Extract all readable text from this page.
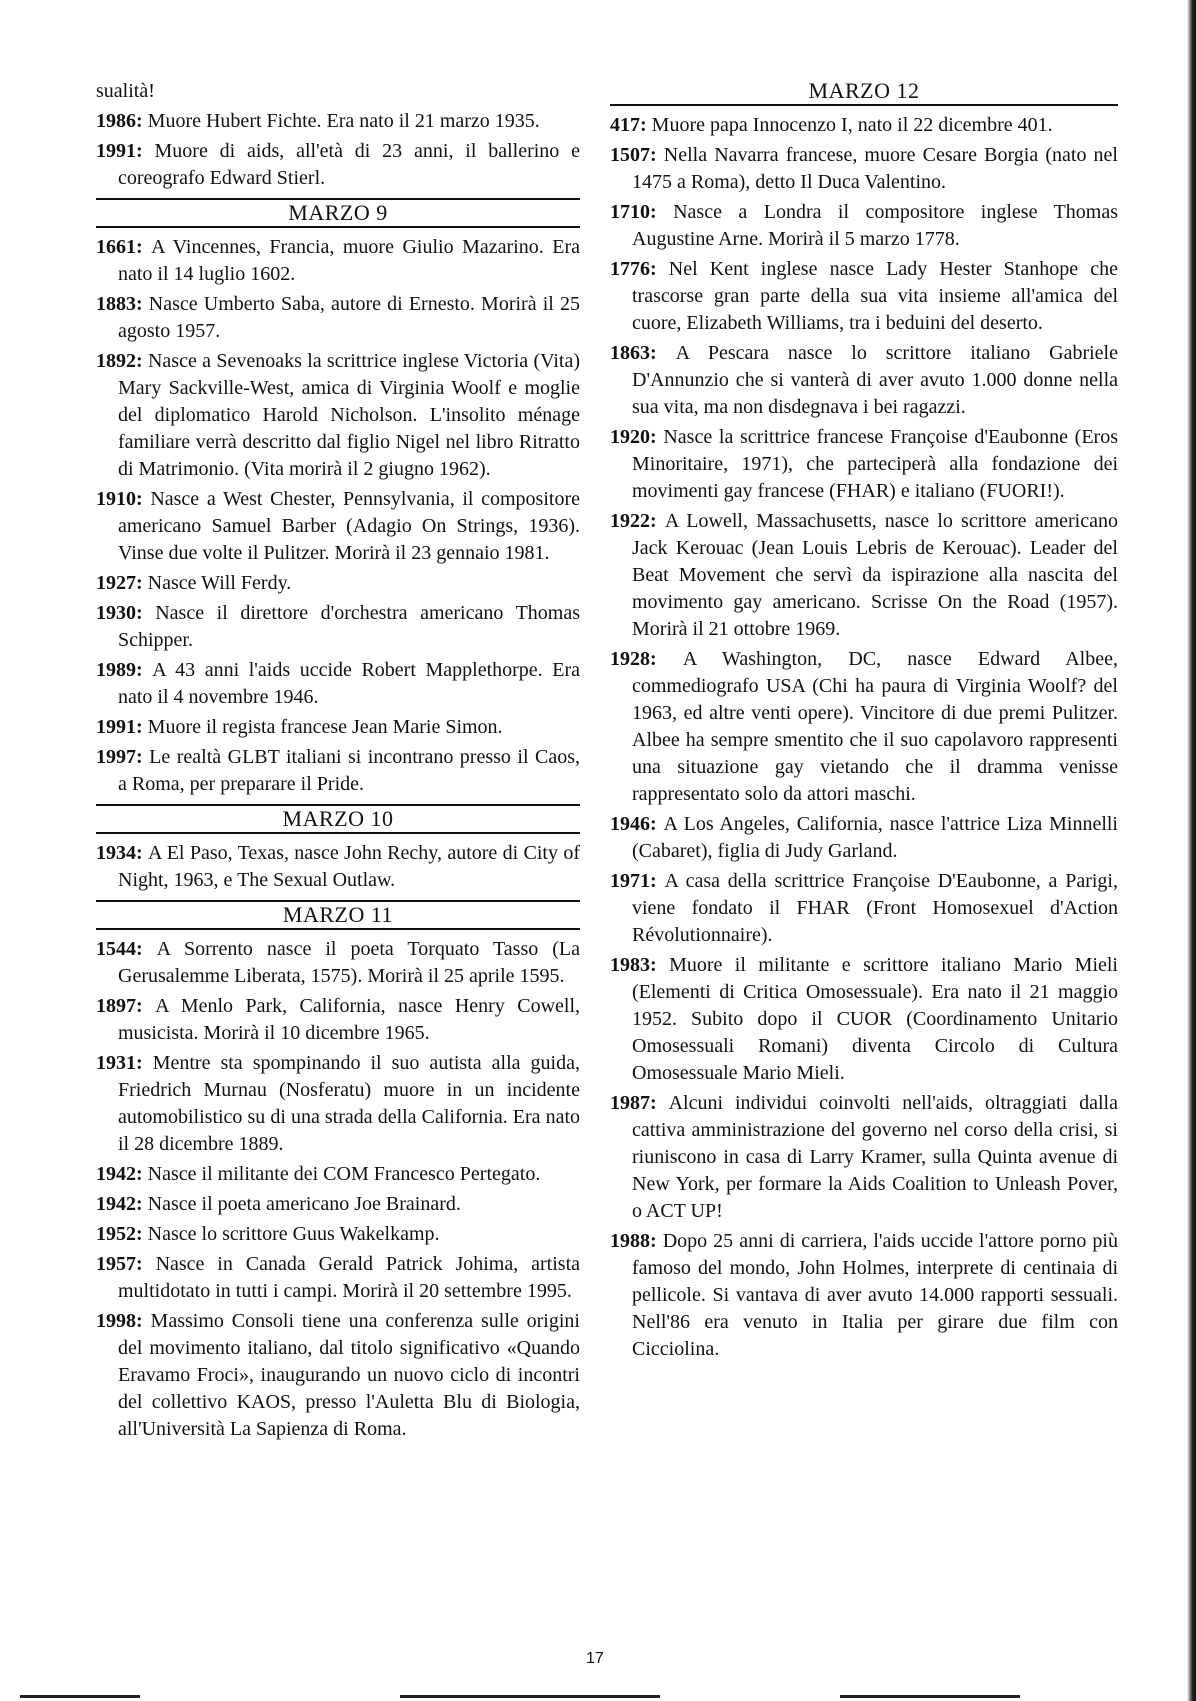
sualità!

1986: Muore Hubert Fichte. Era nato il 21 marzo 1935.
1991: Muore di aids, all'età di 23 anni, il ballerino e coreografo Edward Stierl.
MARZO 9
1661: A Vincennes, Francia, muore Giulio Mazarino. Era nato il 14 luglio 1602.
1883: Nasce Umberto Saba, autore di Ernesto. Morirà il 25 agosto 1957.
1892: Nasce a Sevenoaks la scrittrice inglese Victoria (Vita) Mary Sackville-West, amica di Virginia Woolf e moglie del diplomatico Harold Nicholson. L'insolito ménage familiare verrà descritto dal figlio Nigel nel libro Ritratto di Matrimonio. (Vita morirà il 2 giugno 1962).
1910: Nasce a West Chester, Pennsylvania, il compositore americano Samuel Barber (Adagio On Strings, 1936). Vinse due volte il Pulitzer. Morirà il 23 gennaio 1981.
1927: Nasce Will Ferdy.
1930: Nasce il direttore d'orchestra americano Thomas Schipper.
1989: A 43 anni l'aids uccide Robert Mapplethorpe. Era nato il 4 novembre 1946.
1991: Muore il regista francese Jean Marie Simon.
1997: Le realtà GLBT italiani si incontrano presso il Caos, a Roma, per preparare il Pride.
MARZO 10
1934: A El Paso, Texas, nasce John Rechy, autore di City of Night, 1963, e The Sexual Outlaw.
MARZO 11
1544: A Sorrento nasce il poeta Torquato Tasso (La Gerusalemme Liberata, 1575). Morirà il 25 aprile 1595.
1897: A Menlo Park, California, nasce Henry Cowell, musicista. Morirà il 10 dicembre 1965.
1931: Mentre sta spompinando il suo autista alla guida, Friedrich Murnau (Nosferatu) muore in un incidente automobilistico su di una strada della California. Era nato il 28 dicembre 1889.
1942: Nasce il militante dei COM Francesco Pertegato.
1942: Nasce il poeta americano Joe Brainard.
1952: Nasce lo scrittore Guus Wakelkamp.
1957: Nasce in Canada Gerald Patrick Johima, artista multidotato in tutti i campi. Morirà il 20 settembre 1995.
1998: Massimo Consoli tiene una conferenza sulle origini del movimento italiano, dal titolo significativo «Quando Eravamo Froci», inaugurando un nuovo ciclo di incontri del collettivo KAOS, presso l'Auletta Blu di Biologia, all'Università La Sapienza di Roma.
MARZO 12
417: Muore papa Innocenzo I, nato il 22 dicembre 401.
1507: Nella Navarra francese, muore Cesare Borgia (nato nel 1475 a Roma), detto Il Duca Valentino.
1710: Nasce a Londra il compositore inglese Thomas Augustine Arne. Morirà il 5 marzo 1778.
1776: Nel Kent inglese nasce Lady Hester Stanhope che trascorse gran parte della sua vita insieme all'amica del cuore, Elizabeth Williams, tra i beduini del deserto.
1863: A Pescara nasce lo scrittore italiano Gabriele D'Annunzio che si vanterà di aver avuto 1.000 donne nella sua vita, ma non disdegnava i bei ragazzi.
1920: Nasce la scrittrice francese Françoise d'Eaubonne (Eros Minoritaire, 1971), che parteciperà alla fondazione dei movimenti gay francese (FHAR) e italiano (FUORI!).
1922: A Lowell, Massachusetts, nasce lo scrittore americano Jack Kerouac (Jean Louis Lebris de Kerouac). Leader del Beat Movement che servì da ispirazione alla nascita del movimento gay americano. Scrisse On the Road (1957). Morirà il 21 ottobre 1969.
1928: A Washington, DC, nasce Edward Albee, commediografo USA (Chi ha paura di Virginia Woolf? del 1963, ed altre venti opere). Vincitore di due premi Pulitzer. Albee ha sempre smentito che il suo capolavoro rappresenti una situazione gay vietando che il dramma venisse rappresentato solo da attori maschi.
1946: A Los Angeles, California, nasce l'attrice Liza Minnelli (Cabaret), figlia di Judy Garland.
1971: A casa della scrittrice Françoise D'Eaubonne, a Parigi, viene fondato il FHAR (Front Homosexuel d'Action Révolutionnaire).
1983: Muore il militante e scrittore italiano Mario Mieli (Elementi di Critica Omosessuale). Era nato il 21 maggio 1952. Subito dopo il CUOR (Coordinamento Unitario Omosessuali Romani) diventa Circolo di Cultura Omosessuale Mario Mieli.
1987: Alcuni individui coinvolti nell'aids, oltraggiati dalla cattiva amministrazione del governo nel corso della crisi, si riuniscono in casa di Larry Kramer, sulla Quinta avenue di New York, per formare la Aids Coalition to Unleash Pover, o ACT UP!
1988: Dopo 25 anni di carriera, l'aids uccide l'attore porno più famoso del mondo, John Holmes, interprete di centinaia di pellicole. Si vantava di aver avuto 14.000 rapporti sessuali. Nell'86 era venuto in Italia per girare due film con Cicciolina.
17
